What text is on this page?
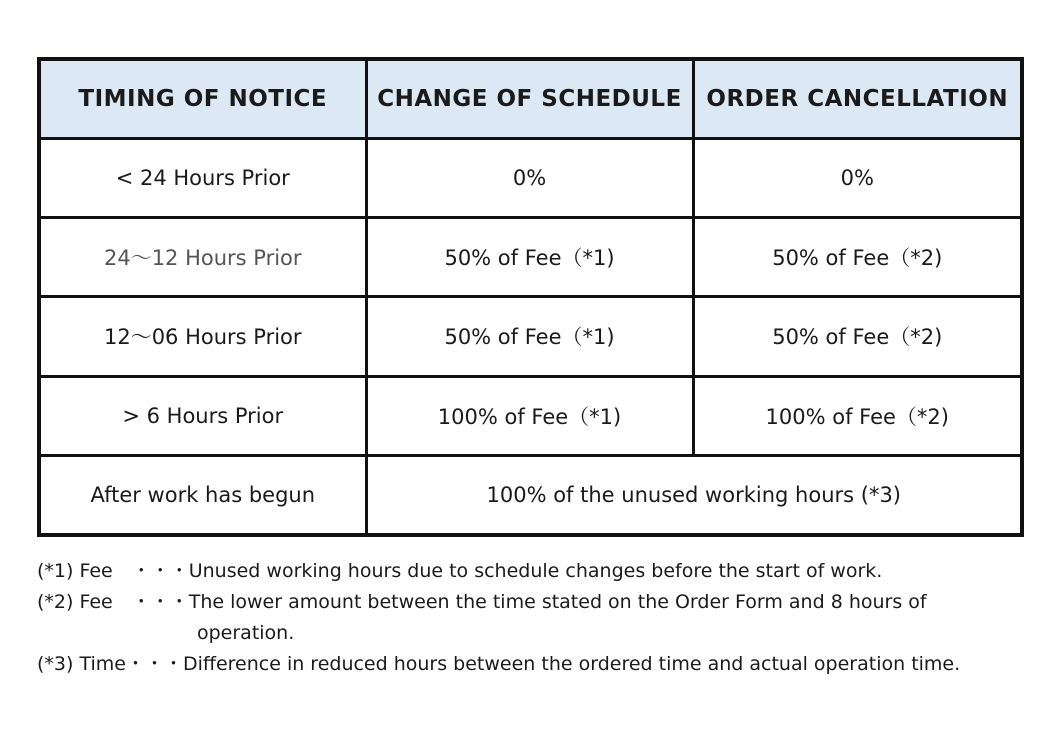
TIMING OF NOTICE	CHANGE OF SCHEDULE	ORDER CANCELLATION
< 24 Hours Prior	0%	0%
24～12 Hours Prior	50% of Fee（*1)	50% of Fee（*2)
12～06 Hours Prior	50% of Fee（*1)	50% of Fee（*2)
> 6 Hours Prior	100% of Fee（*1)	100% of Fee（*2)
After work has begun	100% of the unused working hours (*3)	
(*1) Fee　・・・Unused working hours due to schedule changes before the start of work.
(*2) Fee　・・・The lower amount between the time stated on the Order Form and 8 hours of
operation.
(*3) Time・・・Difference in reduced hours between the ordered time and actual operation time.
